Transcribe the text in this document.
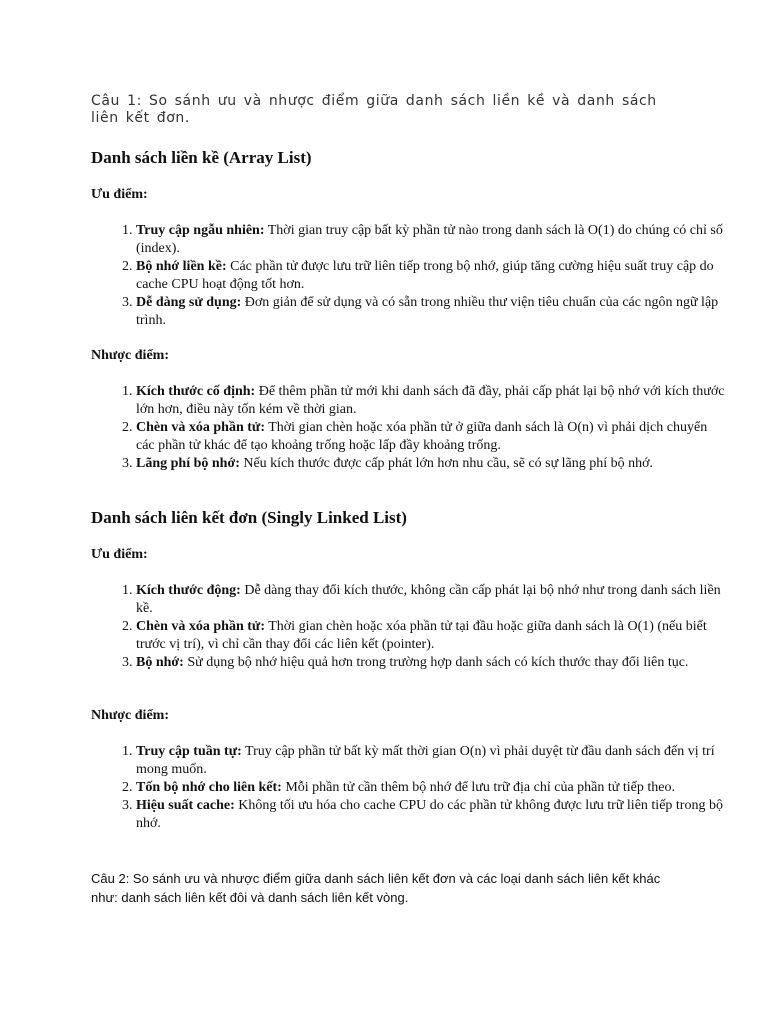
Câu 1: So sánh ưu và nhược điểm giữa danh sách liền kề và danh sách liên kết đơn.
Danh sách liền kề (Array List)
Ưu điểm:
1. Truy cập ngẫu nhiên: Thời gian truy cập bất kỳ phần tử nào trong danh sách là O(1) do chúng có chỉ số (index).
2. Bộ nhớ liền kề: Các phần tử được lưu trữ liên tiếp trong bộ nhớ, giúp tăng cường hiệu suất truy cập do cache CPU hoạt động tốt hơn.
3. Dễ dàng sử dụng: Đơn giản để sử dụng và có sẵn trong nhiều thư viện tiêu chuẩn của các ngôn ngữ lập trình.
Nhược điểm:
1. Kích thước cố định: Để thêm phần tử mới khi danh sách đã đầy, phải cấp phát lại bộ nhớ với kích thước lớn hơn, điều này tốn kém về thời gian.
2. Chèn và xóa phần tử: Thời gian chèn hoặc xóa phần tử ở giữa danh sách là O(n) vì phải dịch chuyển các phần tử khác để tạo khoảng trống hoặc lấp đầy khoảng trống.
3. Lãng phí bộ nhớ: Nếu kích thước được cấp phát lớn hơn nhu cầu, sẽ có sự lãng phí bộ nhớ.
Danh sách liên kết đơn (Singly Linked List)
Ưu điểm:
1. Kích thước động: Dễ dàng thay đổi kích thước, không cần cấp phát lại bộ nhớ như trong danh sách liền kề.
2. Chèn và xóa phần tử: Thời gian chèn hoặc xóa phần tử tại đầu hoặc giữa danh sách là O(1) (nếu biết trước vị trí), vì chỉ cần thay đổi các liên kết (pointer).
3. Bộ nhớ: Sử dụng bộ nhớ hiệu quả hơn trong trường hợp danh sách có kích thước thay đổi liên tục.
Nhược điểm:
1. Truy cập tuần tự: Truy cập phần tử bất kỳ mất thời gian O(n) vì phải duyệt từ đầu danh sách đến vị trí mong muốn.
2. Tốn bộ nhớ cho liên kết: Mỗi phần tử cần thêm bộ nhớ để lưu trữ địa chỉ của phần tử tiếp theo.
3. Hiệu suất cache: Không tối ưu hóa cho cache CPU do các phần tử không được lưu trữ liên tiếp trong bộ nhớ.
Câu 2: So sánh ưu và nhược điểm giữa danh sách liên kết đơn và các loại danh sách liên kết khác như: danh sách liên kết đôi và danh sách liên kết vòng.
